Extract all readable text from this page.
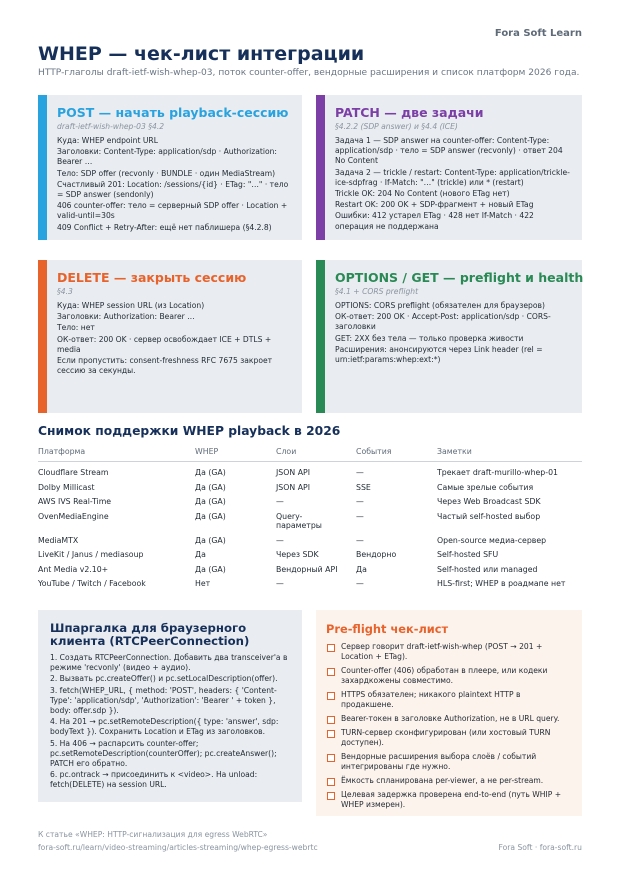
Fora Soft Learn
WHEP — чек-лист интеграции
HTTP-глаголы draft-ietf-wish-whep-03, поток counter-offer, вендорные расширения и список платформ 2026 года.
POST — начать playback-сессию
draft-ietf-wish-whep-03 §4.2
Куда: WHEP endpoint URL
Заголовки: Content-Type: application/sdp · Authorization: Bearer …
Тело: SDP offer (recvonly · BUNDLE · один MediaStream)
Счастливый 201: Location: /sessions/{id} · ETag: "…" · тело = SDP answer (sendonly)
406 counter-offer: тело = серверный SDP offer · Location + valid-until=30s
409 Conflict + Retry-After: ещё нет паблишера (§4.2.8)
PATCH — две задачи
§4.2.2 (SDP answer) и §4.4 (ICE)
Задача 1 — SDP answer на counter-offer: Content-Type: application/sdp · тело = SDP answer (recvonly) · ответ 204 No Content
Задача 2 — trickle / restart: Content-Type: application/trickle-ice-sdpfrag · If-Match: "…" (trickle) или * (restart)
Trickle OK: 204 No Content (нового ETag нет)
Restart OK: 200 OK + SDP-фрагмент + новый ETag
Ошибки: 412 устарел ETag · 428 нет If-Match · 422 операция не поддержана
DELETE — закрыть сессию
§4.3
Куда: WHEP session URL (из Location)
Заголовки: Authorization: Bearer …
Тело: нет
ОК-ответ: 200 OK · сервер освобождает ICE + DTLS + media
Если пропустить: consent-freshness RFC 7675 закроет сессию за секунды.
OPTIONS / GET — preflight и health
§4.1 + CORS preflight
OPTIONS: CORS preflight (обязателен для браузеров)
ОК-ответ: 200 OK · Accept-Post: application/sdp · CORS-заголовки
GET: 2XX без тела — только проверка живости
Расширения: анонсируются через Link header (rel = urn:ietf:params:whep:ext:*)
Снимок поддержки WHEP playback в 2026
Платформа	WHEP	Слои	События	Заметки
Cloudflare Stream	Да (GA)	JSON API	—	Трекает draft-murillo-whep-01
Dolby Millicast	Да (GA)	JSON API	SSE	Самые зрелые события
AWS IVS Real-Time	Да (GA)	—	—	Через Web Broadcast SDK
OvenMediaEngine	Да (GA)	Query-параметры	—	Частый self-hosted выбор
MediaMTX	Да (GA)	—	—	Open-source медиа-сервер
LiveKit / Janus / mediasoup	Да	Через SDK	Вендорно	Self-hosted SFU
Ant Media v2.10+	Да (GA)	Вендорный API	Да	Self-hosted или managed
YouTube / Twitch / Facebook	Нет	—	—	HLS-first; WHEP в роадмапе нет
Шпаргалка для браузерного клиента (RTCPeerConnection)
1. Создать RTCPeerConnection. Добавить два transceiver'а в режиме 'recvonly' (видео + аудио).
2. Вызвать pc.createOffer() и pc.setLocalDescription(offer).
3. fetch(WHEP_URL, { method: 'POST', headers: { 'Content-Type': 'application/sdp', 'Authorization': 'Bearer ' + token }, body: offer.sdp }).
4. На 201 → pc.setRemoteDescription({ type: 'answer', sdp: bodyText }). Сохранить Location и ETag из заголовков.
5. На 406 → распарсить counter-offer; pc.setRemoteDescription(counterOffer); pc.createAnswer(); PATCH его обратно.
6. pc.ontrack → присоединить к <video>. На unload: fetch(DELETE) на session URL.
Pre-flight чек-лист
Сервер говорит draft-ietf-wish-whep (POST → 201 + Location + ETag).
Counter-offer (406) обработан в плеере, или кодеки захардкожены совместимо.
HTTPS обязателен; никакого plaintext HTTP в продакшене.
Bearer-токен в заголовке Authorization, не в URL query.
TURN-сервер сконфигурирован (или хостовый TURN доступен).
Вендорные расширения выбора слоёв / событий интегрированы где нужно.
Ёмкость спланирована per-viewer, а не per-stream.
Целевая задержка проверена end-to-end (путь WHIP + WHEP измерен).
К статье «WHEP: HTTP-сигнализация для egress WebRTC»
fora-soft.ru/learn/video-streaming/articles-streaming/whep-egress-webrtc	Fora Soft · fora-soft.ru
